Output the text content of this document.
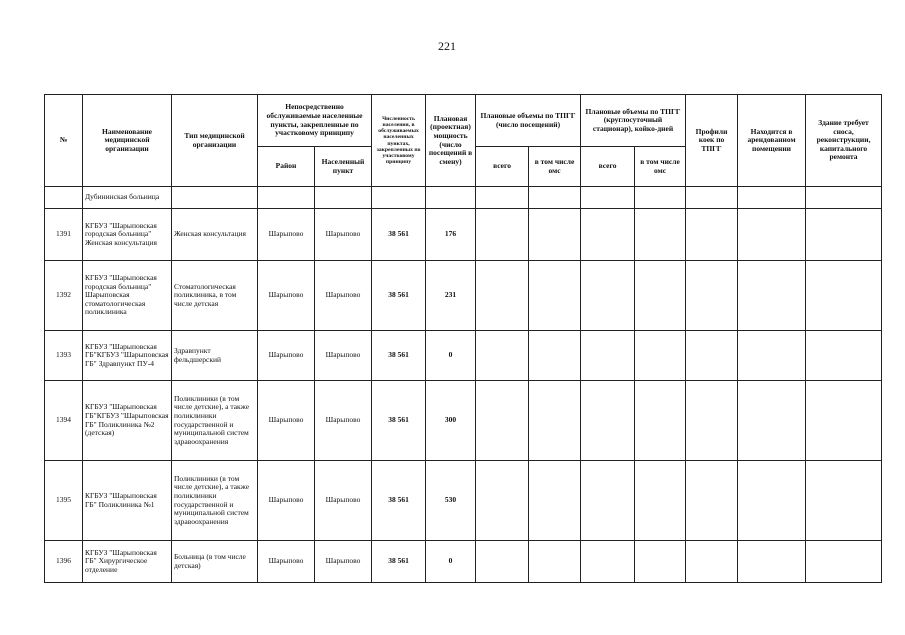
221
№	Наименование медицинской организации	Тип медицинской организации	Непосредственно обслуживаемые населенные пункты, закрепленные по участковому принципу		Численность населения, в обслуживаемых населенных пунктах, закрепленных по участковому принципу	Плановая (проектная) мощность (число посещений в смену)	Плановые объемы по ТПГГ (число посещений)		Плановые объемы по ТПГГ (круглосуточный стационар), койко-дней		Профили коек по ТПГГ	Находится в арендованном помещении	Здание требует сноса, реконструкции, капитального ремонта
			Район	Населенный пункт			всего	в том числе омс	всего	в том числе омс			
	Дубининская больница												
1391	КГБУЗ "Шарыповская городская больница" Женская консультация	Женская консультация	Шарыпово	Шарыпово	38 561	176							
1392	КГБУЗ "Шарыповская городская больница" Шарыповская стоматологическая поликлиника	Стоматологическая поликлиника, в том числе детская	Шарыпово	Шарыпово	38 561	231							
1393	КГБУЗ "Шарыповская ГБ"КГБУЗ "Шарыповская ГБ" Здравпункт ПУ-4	Здравпункт фельдшерский	Шарыпово	Шарыпово	38 561	0							
1394	КГБУЗ "Шарыповская ГБ"КГБУЗ "Шарыповская ГБ" Поликлиника №2 (детская)	Поликлиники (в том числе детские), а также поликлиники государственной и муниципальной систем здравоохранения	Шарыпово	Шарыпово	38 561	300							
1395	КГБУЗ "Шарыповская ГБ" Поликлиника №1	Поликлиники (в том числе детские), а также поликлиники государственной и муниципальной систем здравоохранения	Шарыпово	Шарыпово	38 561	530							
1396	КГБУЗ "Шарыповская ГБ" Хирургическое отделение	Больница (в том числе детская)	Шарыпово	Шарыпово	38 561	0							
